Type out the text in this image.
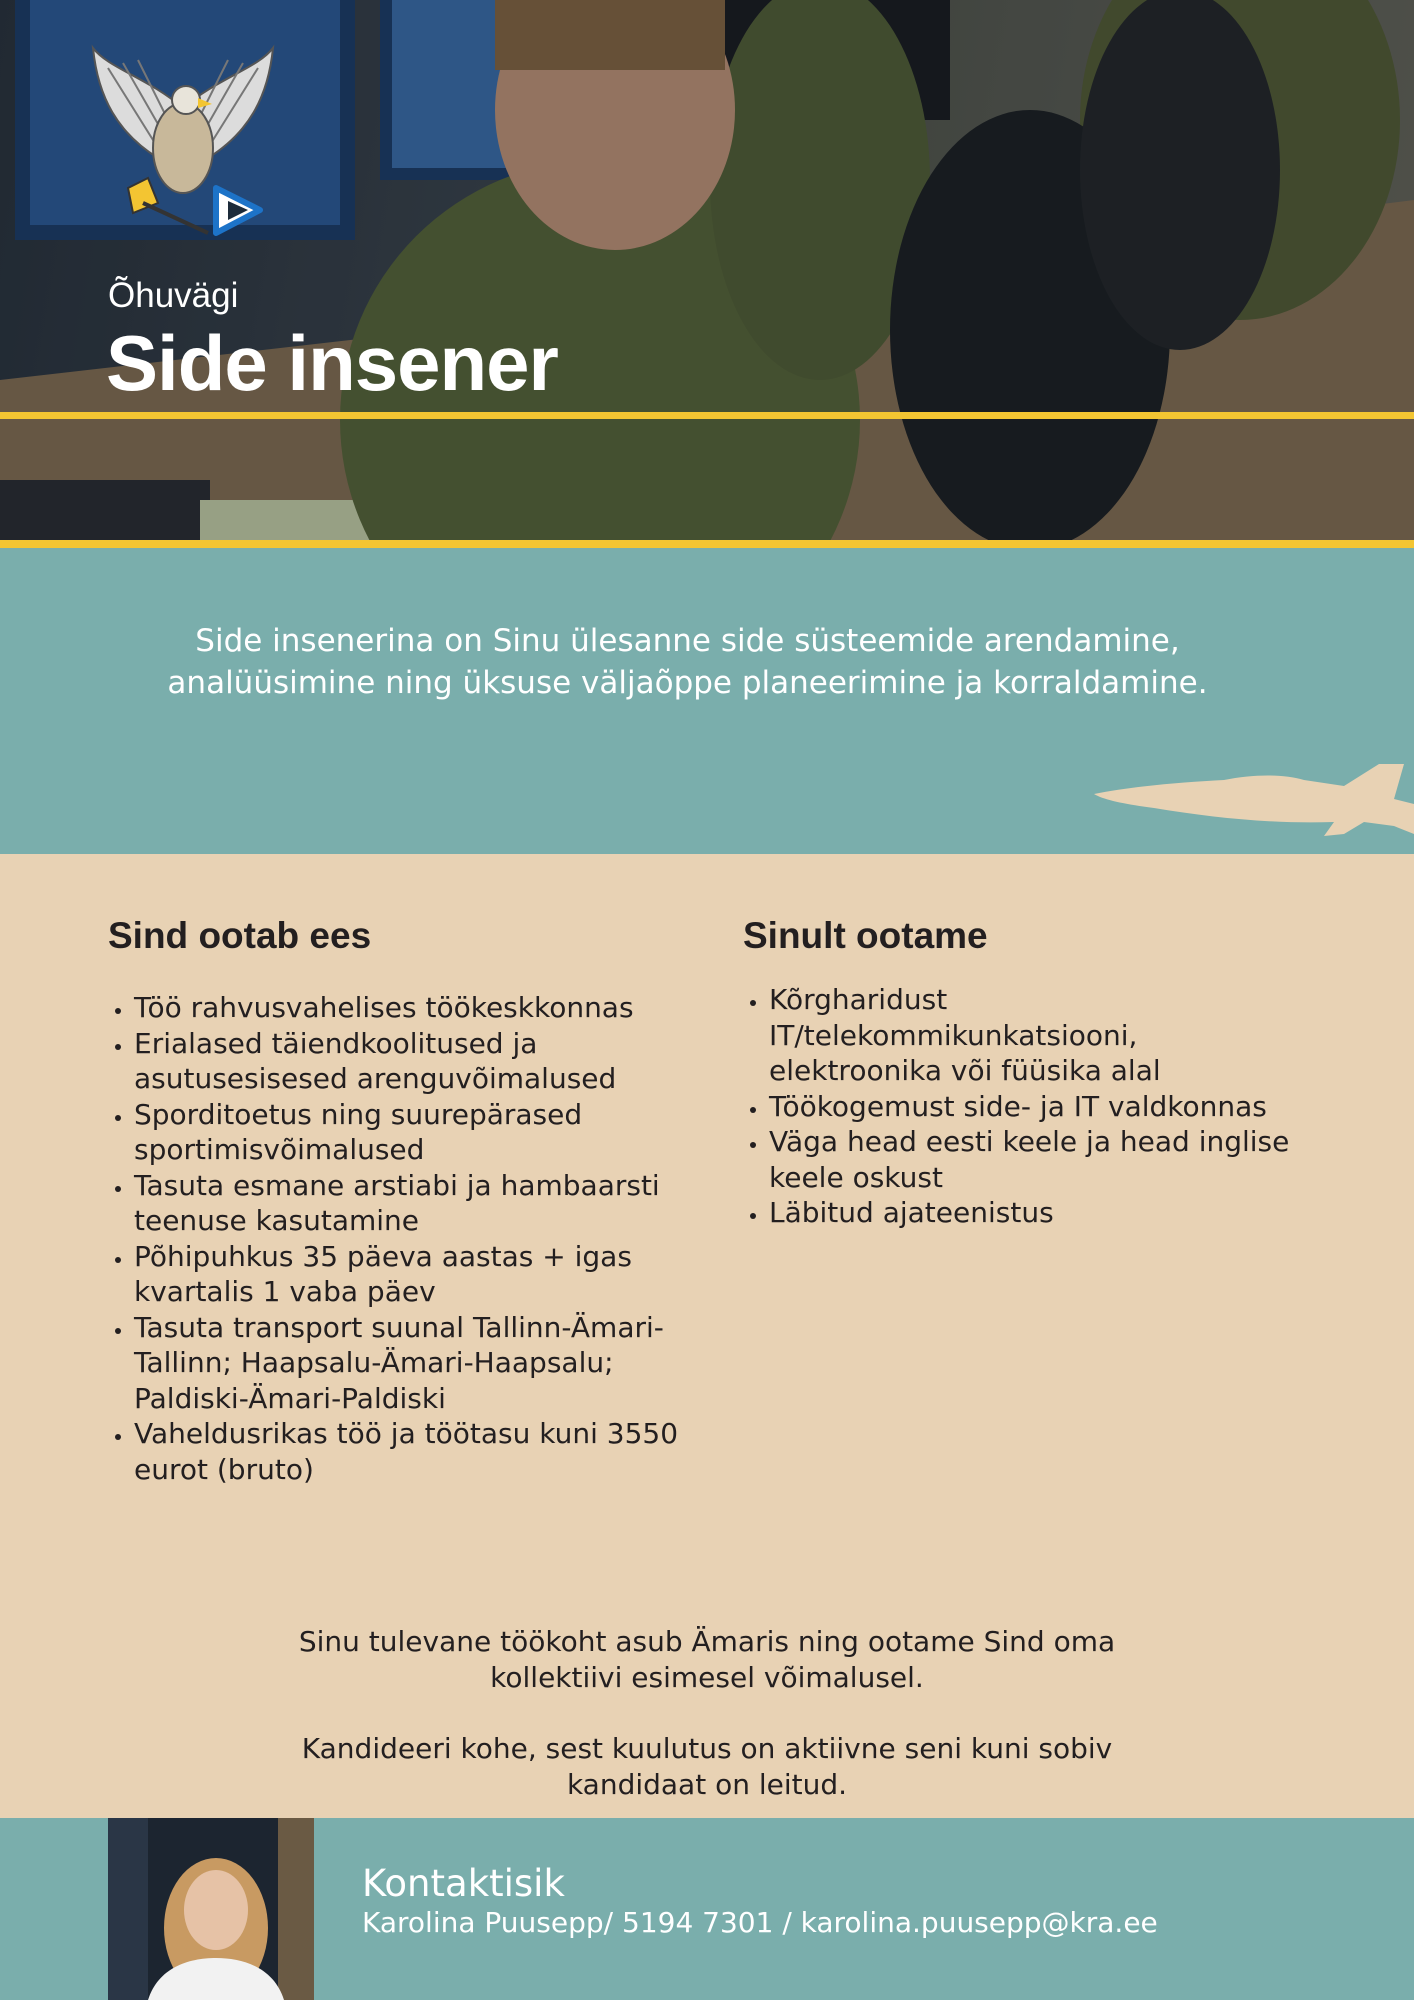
Õhuvägi
Side insener
Side insenerina on Sinu ülesanne side süsteemide arendamine,
analüüsimine ning üksuse väljaõppe planeerimine ja korraldamine.
Sind ootab ees
• Töö rahvusvahelises töökeskkonnas
• Erialased täiendkoolitused ja asutusesisesed arenguvõimalused
• Sporditoetus ning suurepärased sportimisvõimalused
• Tasuta esmane arstiabi ja hambaarsti teenuse kasutamine
• Põhipuhkus 35 päeva aastas + igas kvartalis 1 vaba päev
• Tasuta transport suunal Tallinn-Ämari-Tallinn; Haapsalu-Ämari-Haapsalu; Paldiski-Ämari-Paldiski
• Vaheldusrikas töö ja töötasu kuni 3550 eurot (bruto)
Sinult ootame
• Kõrgharidust IT/telekommikunkatsiooni, elektroonika või füüsika alal
• Töökogemust side- ja IT valdkonnas
• Väga head eesti keele ja head inglise keele oskust
• Läbitud ajateenistus

Sinu tulevane töökoht asub Ämaris ning ootame Sind oma kollektiivi esimesel võimalusel.

Kandideeri kohe, sest kuulutus on aktiivne seni kuni sobiv kandidaat on leitud.

Kontaktisik
Karolina Puusepp/ 5194 7301 / karolina.puusepp@kra.ee
